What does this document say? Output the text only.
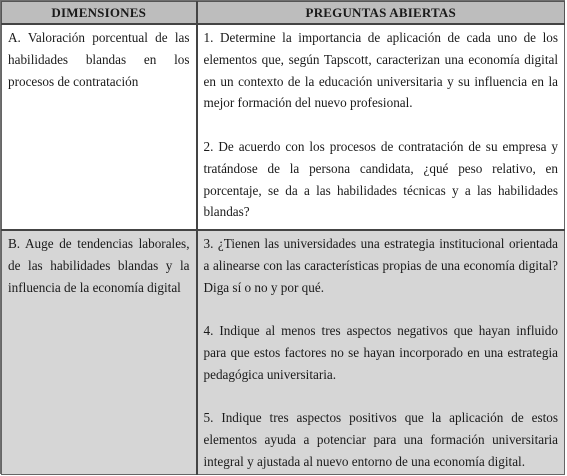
DIMENSIONES	PREGUNTAS ABIERTAS
A. Valoración porcentual de las habilidades blandas en los procesos de contratación	1. Determine la importancia de aplicación de cada uno de los elementos que, según Tapscott, caracterizan una economía digital en un contexto de la educación universitaria y su influencia en la mejor formación del nuevo profesional.

2. De acuerdo con los procesos de contratación de su empresa y tratándose de la persona candidata, ¿qué peso relativo, en porcentaje, se da a las habilidades técnicas y a las habilidades blandas?

B. Auge de tendencias laborales, de las habilidades blandas y la influencia de la economía digital	3. ¿Tienen las universidades una estrategia institucional orientada a alinearse con las características propias de una economía digital? Diga sí o no y por qué.

4. Indique al menos tres aspectos negativos que hayan influido para que estos factores no se hayan incorporado en una estrategia pedagógica universitaria.

5. Indique tres aspectos positivos que la aplicación de estos elementos ayuda a potenciar para una formación universitaria integral y ajustada al nuevo entorno de una economía digital.
